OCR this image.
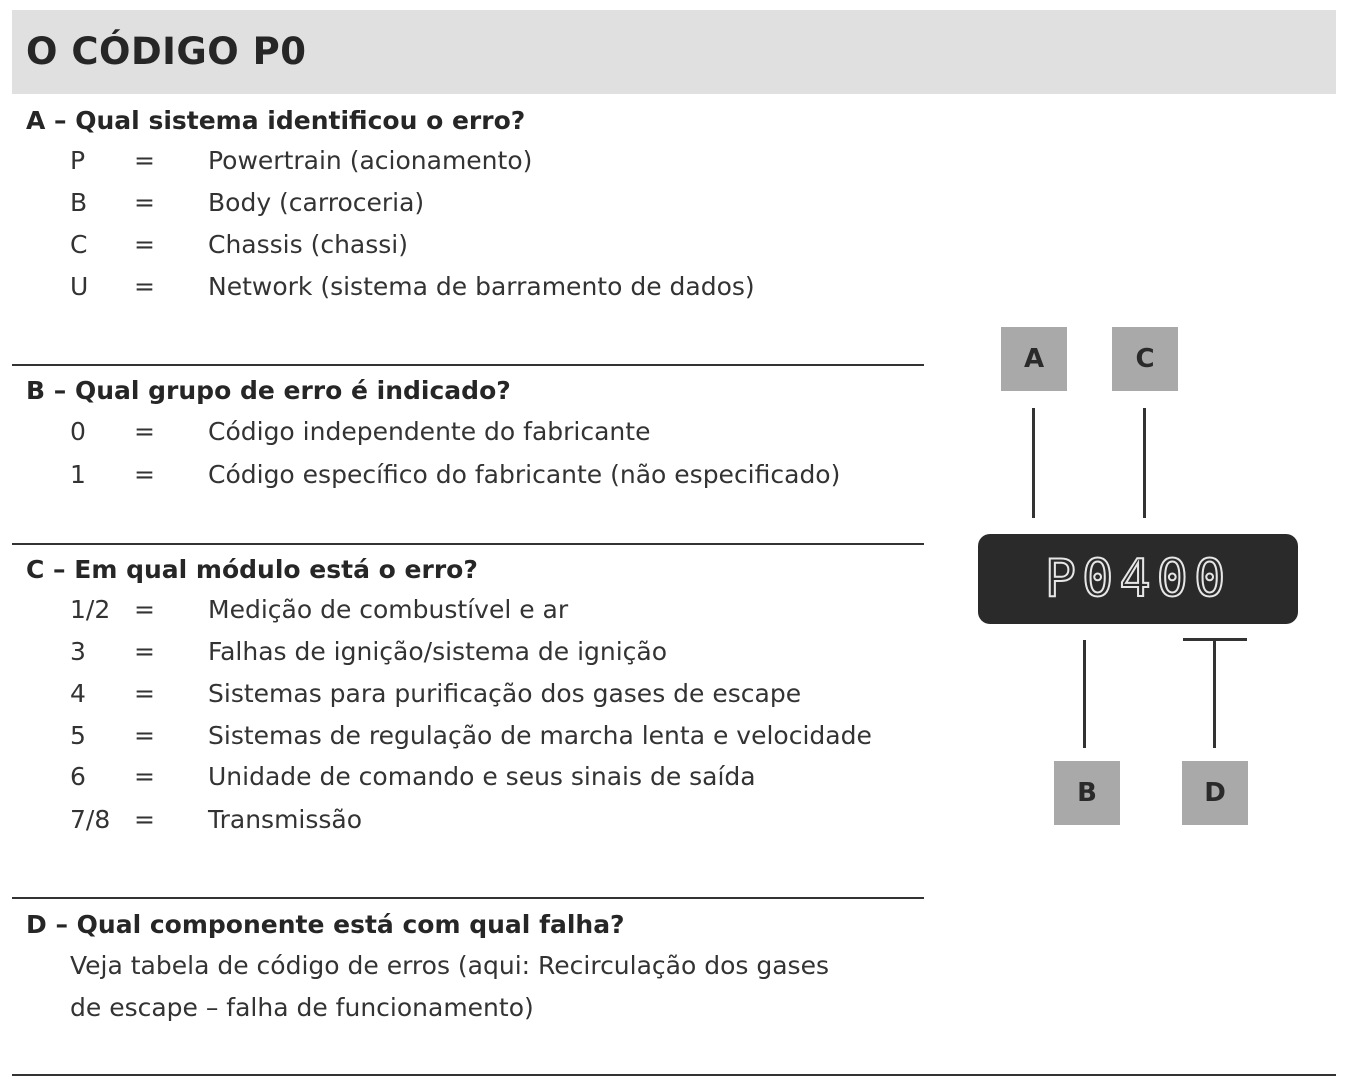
O CÓDIGO P0
A – Qual sistema identificou o erro?
P = Powertrain (acionamento)
B = Body (carroceria)
C = Chassis (chassi)
U = Network (sistema de barramento de dados)
B – Qual grupo de erro é indicado?
0 = Código independente do fabricante
1 = Código específico do fabricante (não especificado)
C – Em qual módulo está o erro?
1/2 = Medição de combustível e ar
3 = Falhas de ignição/sistema de ignição
4 = Sistemas para purificação dos gases de escape
5 = Sistemas de regulação de marcha lenta e velocidade
6 = Unidade de comando e seus sinais de saída
7/8 = Transmissão
D – Qual componente está com qual falha?
Veja tabela de código de erros (aqui: Recirculação dos gases
de escape – falha de funcionamento)
A	C
P0400
B	D
